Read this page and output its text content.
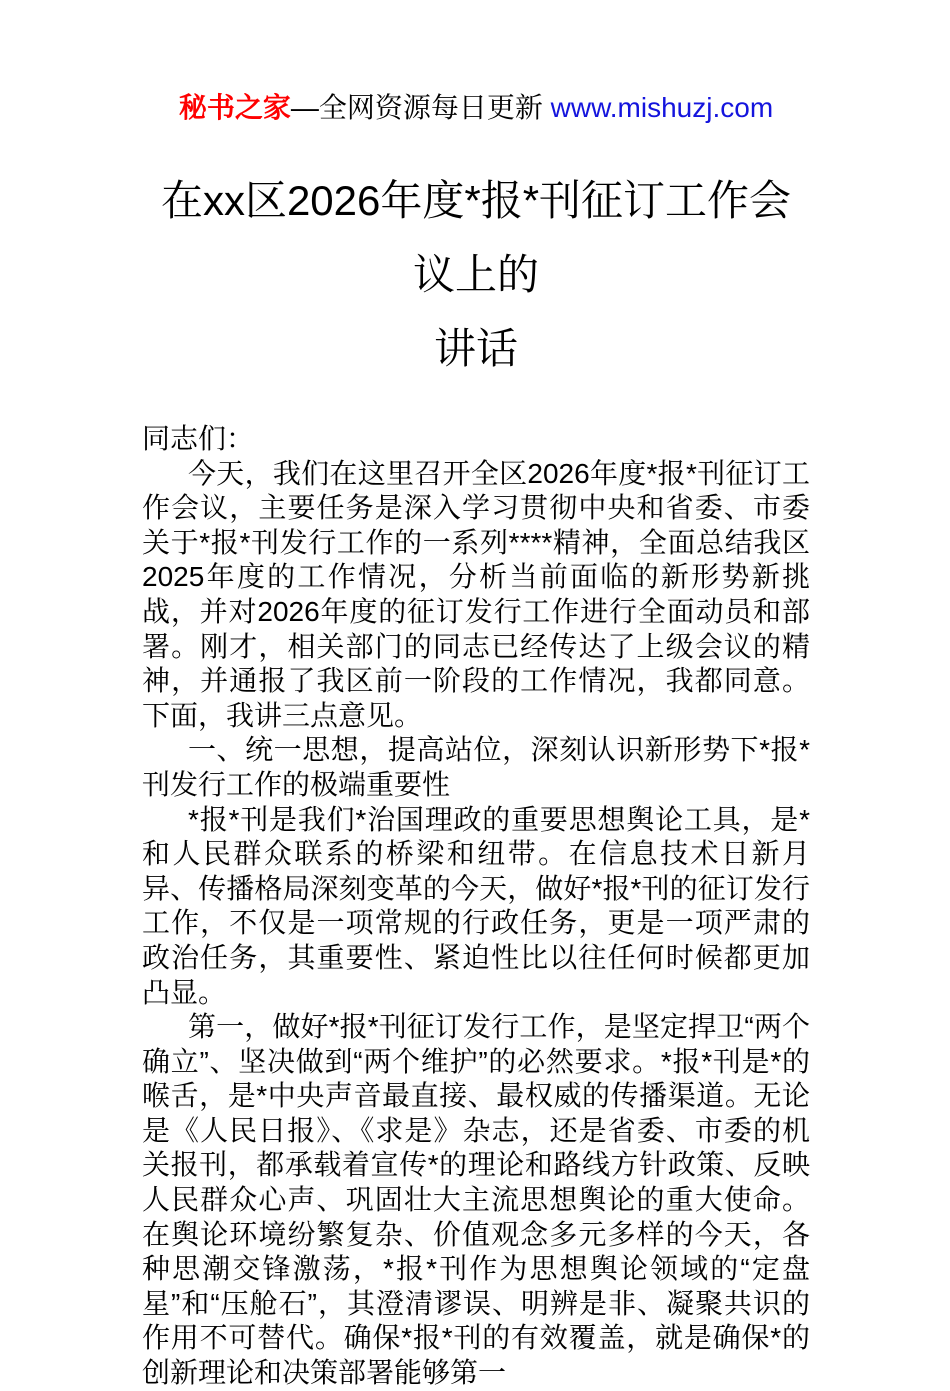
秘书之家—全网资源每日更新 www.mishuzj.com
在xx区2026年度*报*刊征订工作会议上的
讲话

同志们：

今天，我们在这里召开全区2026年度*报*刊征订工作会议，主要任务是深入学习贯彻中央和省委、市委关于*报*刊发行工作的一系列****精神，全面总结我区2025年度的工作情况，分析当前面临的新形势新挑战，并对2026年度的征订发行工作进行全面动员和部署。刚才，相关部门的同志已经传达了上级会议的精神，并通报了我区前一阶段的工作情况，我都同意。下面，我讲三点意见。

一、统一思想，提高站位，深刻认识新形势下*报*刊发行工作的极端重要性

*报*刊是我们*治国理政的重要思想舆论工具，是*和人民群众联系的桥梁和纽带。在信息技术日新月异、传播格局深刻变革的今天，做好*报*刊的征订发行工作，不仅是一项常规的行政任务，更是一项严肃的政治任务，其重要性、紧迫性比以往任何时候都更加凸显。

第一，做好*报*刊征订发行工作，是坚定捍卫“两个确立”、坚决做到“两个维护”的必然要求。*报*刊是*的喉舌，是*中央声音最直接、最权威的传播渠道。无论是《人民日报》、《求是》杂志，还是省委、市委的机关报刊，都承载着宣传*的理论和路线方针政策、反映人民群众心声、巩固壮大主流思想舆论的重大使命。在舆论环境纷繁复杂、价值观念多元多样的今天，各种思潮交锋激荡，*报*刊作为思想舆论领域的“定盘星”和“压舱石”，其澄清谬误、明辨是非、凝聚共识的作用不可替代。确保*报*刊的有效覆盖，就是确保*的创新理论和决策部署能够第一
